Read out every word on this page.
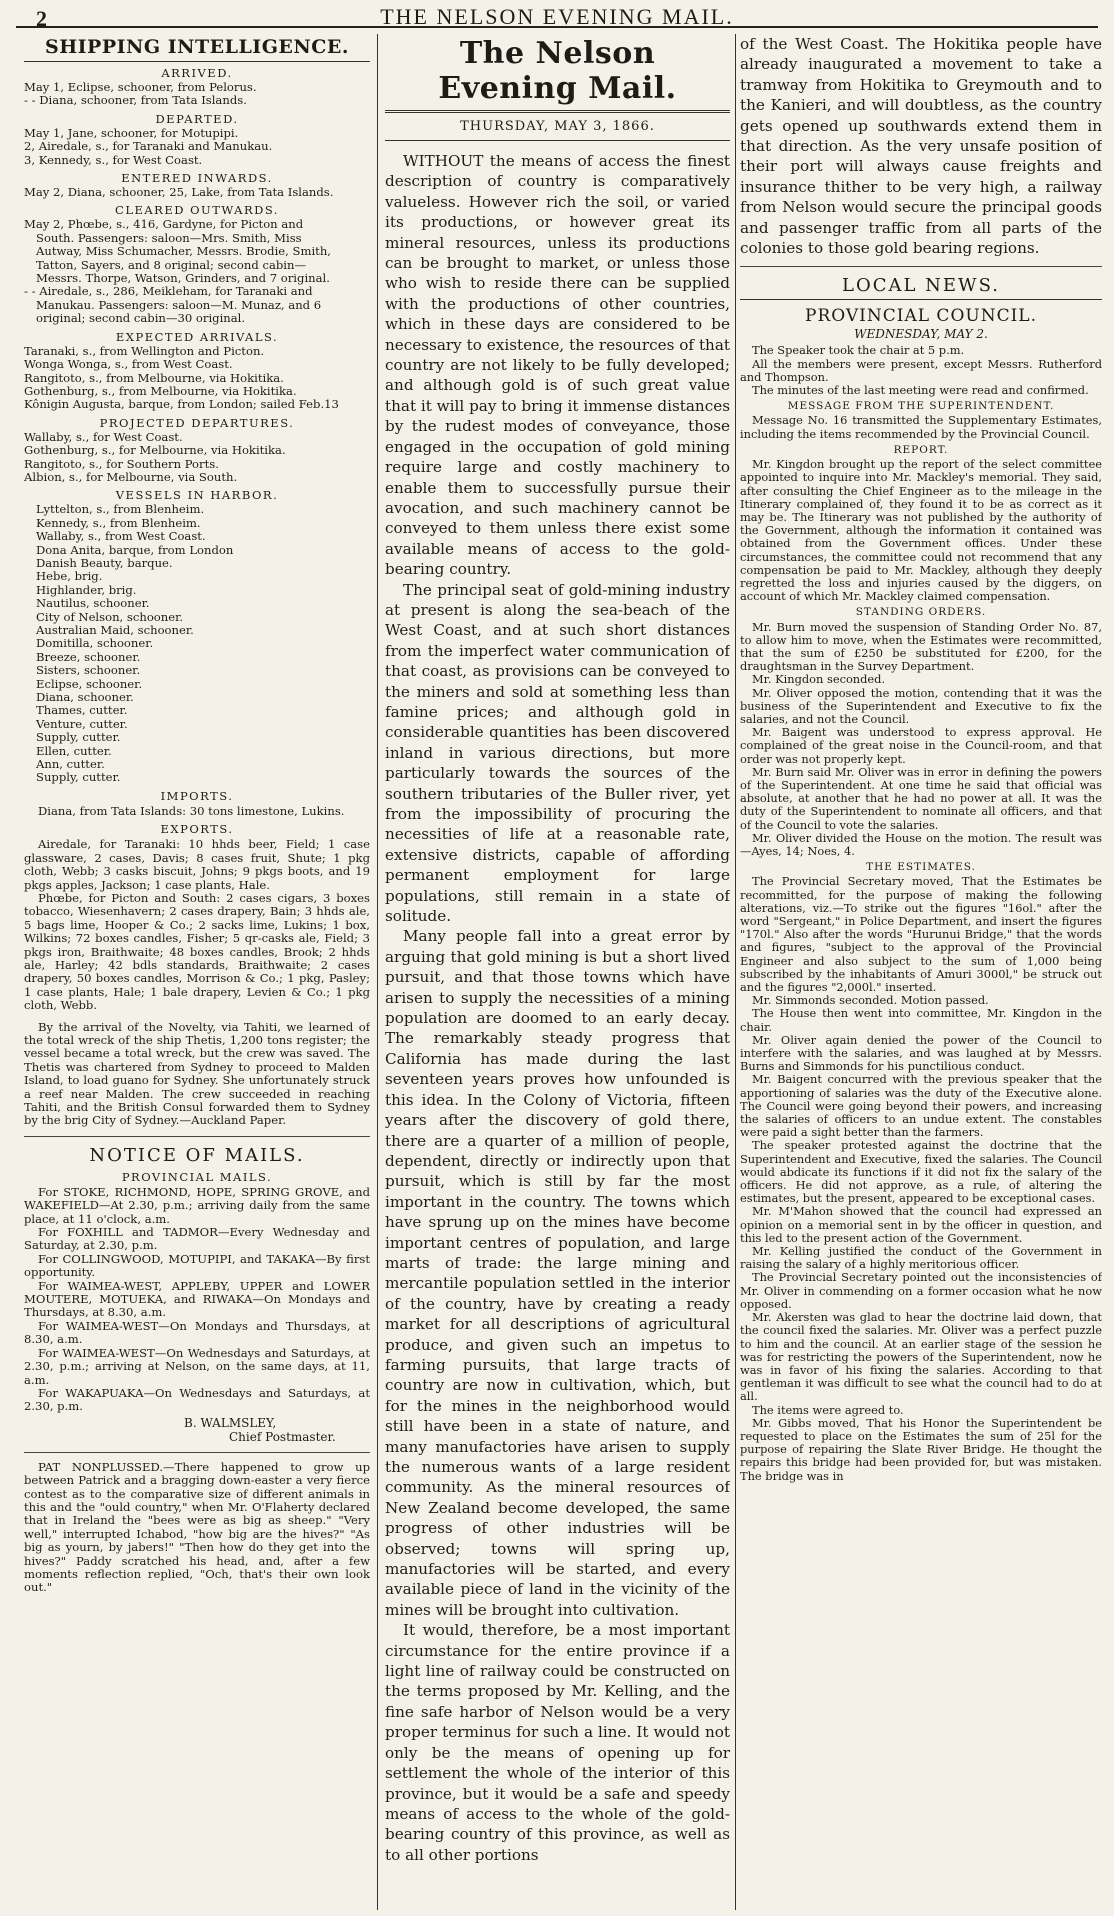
2	THE NELSON EVENING MAIL.
SHIPPING INTELLIGENCE.
ARRIVED.
May 1, Eclipse, schooner, from Pelorus.
- - Diana, schooner, from Tata Islands.
DEPARTED.
May 1, Jane, schooner, for Motupipi.
2, Airedale, s., for Taranaki and Manukau.
3, Kennedy, s., for West Coast.
ENTERED INWARDS.
May 2, Diana, schooner, 25, Lake, from Tata Islands.
CLEARED OUTWARDS.
May 2, Phœbe, s., 416, Gardyne, for Picton and
South. Passengers: saloon—Mrs. Smith, Miss
Autway, Miss Schumacher, Messrs. Brodie, Smith,
Tatton, Sayers, and 8 original; second cabin—
Messrs. Thorpe, Watson, Grinders, and 7 original.
- - Airedale, s., 286, Meikleham, for Taranaki and
Manukau. Passengers: saloon—M. Munaz, and 6
original; second cabin—30 original.
EXPECTED ARRIVALS.
Taranaki, s., from Wellington and Picton.
Wonga Wonga, s., from West Coast.
Rangitoto, s., from Melbourne, via Hokitika.
Gothenburg, s., from Melbourne, via Hokitika.
Kônigin Augusta, barque, from London; sailed Feb.13
PROJECTED DEPARTURES.
Wallaby, s., for West Coast.
Gothenburg, s., for Melbourne, via Hokitika.
Rangitoto, s., for Southern Ports.
Albion, s., for Melbourne, via South.
VESSELS IN HARBOR.
Lyttelton, s., from Blenheim.
Kennedy, s., from Blenheim.
Wallaby, s., from West Coast.
Dona Anita, barque, from London
Danish Beauty, barque.
Hebe, brig.
Highlander, brig.
Nautilus, schooner.
City of Nelson, schooner.
Australian Maid, schooner.
Domitilla, schooner.
Breeze, schooner.
Sisters, schooner.
Eclipse, schooner.
Diana, schooner.
Thames, cutter.
Venture, cutter.
Supply, cutter.
Ellen, cutter.
Ann, cutter.
Supply, cutter.
IMPORTS.

Diana, from Tata Islands: 30 tons limestone, Lukins.

EXPORTS.

Airedale, for Taranaki: 10 hhds beer, Field; 1 case glassware, 2 cases, Davis; 8 cases fruit, Shute; 1 pkg cloth, Webb; 3 casks biscuit, Johns; 9 pkgs boots, and 19 pkgs apples, Jackson; 1 case plants, Hale.

Phœbe, for Picton and South: 2 cases cigars, 3 boxes tobacco, Wiesenhavern; 2 cases drapery, Bain; 3 hhds ale, 5 bags lime, Hooper & Co.; 2 sacks lime, Lukins; 1 box, Wilkins; 72 boxes candles, Fisher; 5 qr-casks ale, Field; 3 pkgs iron, Braithwaite; 48 boxes candles, Brook; 2 hhds ale, Harley; 42 bdls standards, Braithwaite; 2 cases drapery, 50 boxes candles, Morrison & Co.; 1 pkg, Pasley; 1 case plants, Hale; 1 bale drapery, Levien & Co.; 1 pkg cloth, Webb.

By the arrival of the Novelty, via Tahiti, we learned of the total wreck of the ship Thetis, 1,200 tons register; the vessel became a total wreck, but the crew was saved. The Thetis was chartered from Sydney to proceed to Malden Island, to load guano for Sydney. She unfortunately struck a reef near Malden. The crew succeeded in reaching Tahiti, and the British Consul forwarded them to Sydney by the brig City of Sydney.—Auckland Paper.

NOTICE OF MAILS.
PROVINCIAL MAILS.

For STOKE, RICHMOND, HOPE, SPRING GROVE, and WAKEFIELD—At 2.30, p.m.; arriving daily from the same place, at 11 o'clock, a.m.

For FOXHILL and TADMOR—Every Wednesday and Saturday, at 2.30, p.m.

For COLLINGWOOD, MOTUPIPI, and TAKAKA—By first opportunity.

For WAIMEA-WEST, APPLEBY, UPPER and LOWER MOUTERE, MOTUEKA, and RIWAKA—On Mondays and Thursdays, at 8.30, a.m.

For WAIMEA-WEST—On Mondays and Thursdays, at 8.30, a.m.

For WAIMEA-WEST—On Wednesdays and Saturdays, at 2.30, p.m.; arriving at Nelson, on the same days, at 11, a.m.

For WAKAPUAKA—On Wednesdays and Saturdays, at 2.30, p.m.

B. WALMSLEY,
Chief Postmaster.

PAT NONPLUSSED.—There happened to grow up between Patrick and a bragging down-easter a very fierce contest as to the comparative size of different animals in this and the "ould country," when Mr. O'Flaherty declared that in Ireland the "bees were as big as sheep." "Very well," interrupted Ichabod, "how big are the hives?" "As big as yourn, by jabers!" "Then how do they get into the hives?" Paddy scratched his head, and, after a few moments reflection replied, "Och, that's their own look out."

The Nelson Evening Mail.
THURSDAY, MAY 3, 1866.

WITHOUT the means of access the finest description of country is comparatively valueless. However rich the soil, or varied its productions, or however great its mineral resources, unless its productions can be brought to market, or unless those who wish to reside there can be supplied with the productions of other countries, which in these days are considered to be necessary to existence, the resources of that country are not likely to be fully developed; and although gold is of such great value that it will pay to bring it immense distances by the rudest modes of conveyance, those engaged in the occupation of gold mining require large and costly machinery to enable them to successfully pursue their avocation, and such machinery cannot be conveyed to them unless there exist some available means of access to the gold-bearing country.

The principal seat of gold-mining industry at present is along the sea-beach of the West Coast, and at such short distances from the imperfect water communication of that coast, as provisions can be conveyed to the miners and sold at something less than famine prices; and although gold in considerable quantities has been discovered inland in various directions, but more particularly towards the sources of the southern tributaries of the Buller river, yet from the impossibility of procuring the necessities of life at a reasonable rate, extensive districts, capable of affording permanent employment for large populations, still remain in a state of solitude.

Many people fall into a great error by arguing that gold mining is but a short lived pursuit, and that those towns which have arisen to supply the necessities of a mining population are doomed to an early decay. The remarkably steady progress that California has made during the last seventeen years proves how unfounded is this idea. In the Colony of Victoria, fifteen years after the discovery of gold there, there are a quarter of a million of people, dependent, directly or indirectly upon that pursuit, which is still by far the most important in the country. The towns which have sprung up on the mines have become important centres of population, and large marts of trade: the large mining and mercantile population settled in the interior of the country, have by creating a ready market for all descriptions of agricultural produce, and given such an impetus to farming pursuits, that large tracts of country are now in cultivation, which, but for the mines in the neighborhood would still have been in a state of nature, and many manufactories have arisen to supply the numerous wants of a large resident community. As the mineral resources of New Zealand become developed, the same progress of other industries will be observed; towns will spring up, manufactories will be started, and every available piece of land in the vicinity of the mines will be brought into cultivation.

It would, therefore, be a most important circumstance for the entire province if a light line of railway could be constructed on the terms proposed by Mr. Kelling, and the fine safe harbor of Nelson would be a very proper terminus for such a line. It would not only be the means of opening up for settlement the whole of the interior of this province, but it would be a safe and speedy means of access to the whole of the gold-bearing country of this province, as well as to all other portions

of the West Coast. The Hokitika people have already inaugurated a movement to take a tramway from Hokitika to Greymouth and to the Kanieri, and will doubtless, as the country gets opened up southwards extend them in that direction. As the very unsafe position of their port will always cause freights and insurance thither to be very high, a railway from Nelson would secure the principal goods and passenger traffic from all parts of the colonies to those gold bearing regions.

LOCAL NEWS.
PROVINCIAL COUNCIL.
WEDNESDAY, MAY 2.

The Speaker took the chair at 5 p.m.

All the members were present, except Messrs. Rutherford and Thompson.

The minutes of the last meeting were read and confirmed.

MESSAGE FROM THE SUPERINTENDENT.

Message No. 16 transmitted the Supplementary Estimates, including the items recommended by the Provincial Council.

REPORT.

Mr. Kingdon brought up the report of the select committee appointed to inquire into Mr. Mackley's memorial. They said, after consulting the Chief Engineer as to the mileage in the Itinerary complained of, they found it to be as correct as it may be. The Itinerary was not published by the authority of the Government, although the information it contained was obtained from the Government offices. Under these circumstances, the committee could not recommend that any compensation be paid to Mr. Mackley, although they deeply regretted the loss and injuries caused by the diggers, on account of which Mr. Mackley claimed compensation.

STANDING ORDERS.

Mr. Burn moved the suspension of Standing Order No. 87, to allow him to move, when the Estimates were recommitted, that the sum of £250 be substituted for £200, for the draughtsman in the Survey Department.

Mr. Kingdon seconded.

Mr. Oliver opposed the motion, contending that it was the business of the Superintendent and Executive to fix the salaries, and not the Council.

Mr. Baigent was understood to express approval. He complained of the great noise in the Council-room, and that order was not properly kept.

Mr. Burn said Mr. Oliver was in error in defining the powers of the Superintendent. At one time he said that official was absolute, at another that he had no power at all. It was the duty of the Superintendent to nominate all officers, and that of the Council to vote the salaries.

Mr. Oliver divided the House on the motion. The result was—Ayes, 14; Noes, 4.

THE ESTIMATES.

The Provincial Secretary moved, That the Estimates be recommitted, for the purpose of making the following alterations, viz.—To strike out the figures "16ol." after the word "Sergeant," in Police Department, and insert the figures "170l." Also after the words "Hurunui Bridge," that the words and figures, "subject to the approval of the Provincial Engineer and also subject to the sum of 1,000 being subscribed by the inhabitants of Amuri 3000l," be struck out and the figures "2,000l." inserted.

Mr. Simmonds seconded. Motion passed.

The House then went into committee, Mr. Kingdon in the chair.

Mr. Oliver again denied the power of the Council to interfere with the salaries, and was laughed at by Messrs. Burns and Simmonds for his punctilious conduct.

Mr. Baigent concurred with the previous speaker that the apportioning of salaries was the duty of the Executive alone. The Council were going beyond their powers, and increasing the salaries of officers to an undue extent. The constables were paid a sight better than the farmers.

The speaker protested against the doctrine that the Superintendent and Executive, fixed the salaries. The Council would abdicate its functions if it did not fix the salary of the officers. He did not approve, as a rule, of altering the estimates, but the present, appeared to be exceptional cases.

Mr. M'Mahon showed that the council had expressed an opinion on a memorial sent in by the officer in question, and this led to the present action of the Government.

Mr. Kelling justified the conduct of the Government in raising the salary of a highly meritorious officer.

The Provincial Secretary pointed out the inconsistencies of Mr. Oliver in commending on a former occasion what he now opposed.

Mr. Akersten was glad to hear the doctrine laid down, that the council fixed the salaries. Mr. Oliver was a perfect puzzle to him and the council. At an earlier stage of the session he was for restricting the powers of the Superintendent, now he was in favor of his fixing the salaries. According to that gentleman it was difficult to see what the council had to do at all.

The items were agreed to.

Mr. Gibbs moved, That his Honor the Superintendent be requested to place on the Estimates the sum of 25l for the purpose of repairing the Slate River Bridge. He thought the repairs this bridge had been provided for, but was mistaken. The bridge was in
